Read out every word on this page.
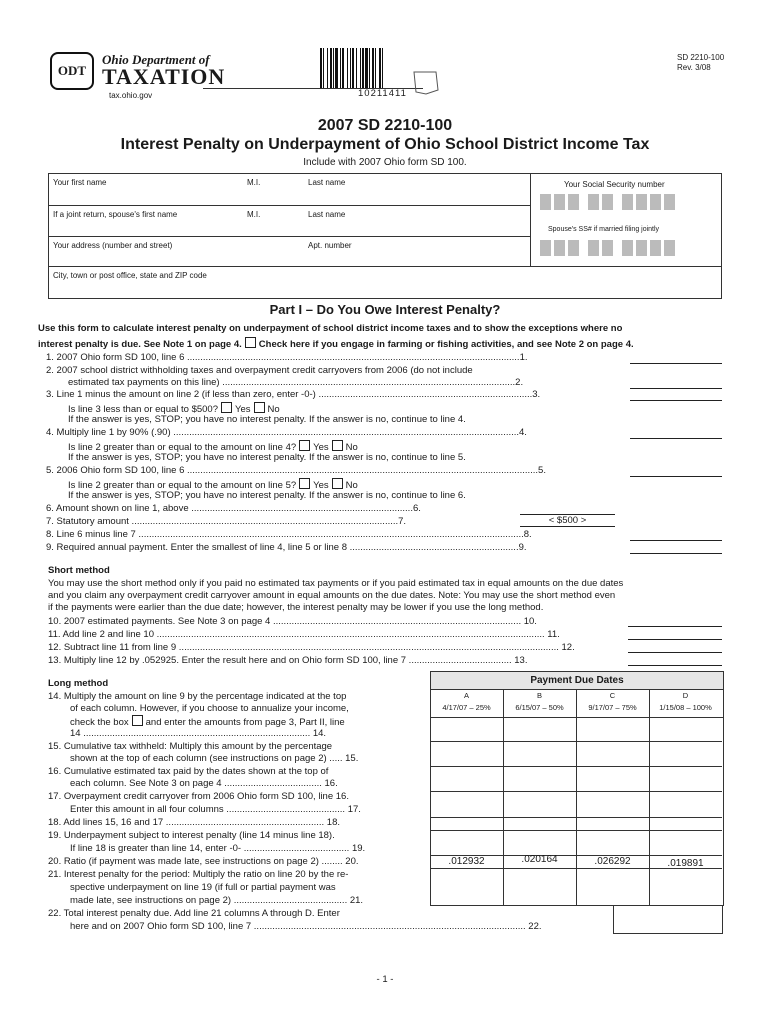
ODT
Ohio Department of
TAXATION
tax.ohio.gov	10211411
SD 2210-100
Rev. 3/08
2007 SD 2210-100
Interest Penalty on Underpayment of Ohio School District Income Tax
Include with 2007 Ohio form SD 100.
Your first name	M.I.	Last name	Your Social Security number
If a joint return, spouse's first name	M.I.	Last name
Spouse's SS# if married filing jointly
Your address (number and street)	Apt. number
City, town or post office, state and ZIP code
Part I – Do You Owe Interest Penalty?
Use this form to calculate interest penalty on underpayment of school district income taxes and to show the exceptions where no
interest penalty is due. See Note 1 on page 4. Check here if you engage in farming or fishing activities, and see Note 2 on page 4.
1. 2007 Ohio form SD 100, line 6 ..............................................................................................................................1.
2. 2007 school district withholding taxes and overpayment credit carryovers from 2006 (do not include
estimated tax payments on this line) ...............................................................................................................2.
3. Line 1 minus the amount on line 2 (if less than zero, enter -0-) .................................................................................3.
Is line 3 less than or equal to $500? Yes No
If the answer is yes, STOP; you have no interest penalty. If the answer is no, continue to line 4.
4. Multiply line 1 by 90% (.90) ...................................................................................................................................4.
Is line 2 greater than or equal to the amount on line 4? Yes No
If the answer is yes, STOP; you have no interest penalty. If the answer is no, continue to line 5.
5. 2006 Ohio form SD 100, line 6 .....................................................................................................................................5.
Is line 2 greater than or equal to the amount on line 5? Yes No
If the answer is yes, STOP; you have no interest penalty. If the answer is no, continue to line 6.
6. Amount shown on line 1, above ....................................................................................6.
7. Statutory amount .....................................................................................................7.	< $500 >
8. Line 6 minus line 7 ..................................................................................................................................................8.
9. Required annual payment. Enter the smallest of line 4, line 5 or line 8 ................................................................9.
Short method
You may use the short method only if you paid no estimated tax payments or if you paid estimated tax in equal amounts on the due dates
and you claim any overpayment credit carryover amount in equal amounts on the due dates. Note: You may use the short method even
if the payments were earlier than the due date; however, the interest penalty may be lower if you use the long method.
10. 2007 estimated payments. See Note 3 on page 4 .............................................................................................. 10.
11. Add line 2 and line 10 ................................................................................................................................................... 11.
12. Subtract line 11 from line 9 ................................................................................................................................................ 12.
13. Multiply line 12 by .052925. Enter the result here and on Ohio form SD 100, line 7 ....................................... 13.
Long method
14. Multiply the amount on line 9 by the percentage indicated at the top
of each column. However, if you choose to annualize your income,
check the box and enter the amounts from page 3, Part II, line
14 ...................................................................................... 14.
15. Cumulative tax withheld: Multiply this amount by the percentage
shown at the top of each column (see instructions on page 2) ..... 15.
16. Cumulative estimated tax paid by the dates shown at the top of
each column. See Note 3 on page 4 ..................................... 16.
17. Overpayment credit carryover from 2006 Ohio form SD 100, line 16.
Enter this amount in all four columns ............................................. 17.
18. Add lines 15, 16 and 17 ............................................................ 18.
19. Underpayment subject to interest penalty (line 14 minus line 18).
If line 18 is greater than line 14, enter -0- ........................................ 19.
20. Ratio (if payment was made late, see instructions on page 2) ........ 20.
21. Interest penalty for the period: Multiply the ratio on line 20 by the re-
spective underpayment on line 19 (if full or partial payment was
made late, see instructions on page 2) ........................................... 21.
22. Total interest penalty due. Add line 21 columns A through D. Enter
here and on 2007 Ohio form SD 100, line 7 ....................................................................................................... 22.
Payment Due Dates
A
4/17/07 – 25%
B
6/15/07 – 50%
C
9/17/07 – 75%
D
1/15/08 – 100%
.012932	.020164	.026292	.019891
- 1 -
